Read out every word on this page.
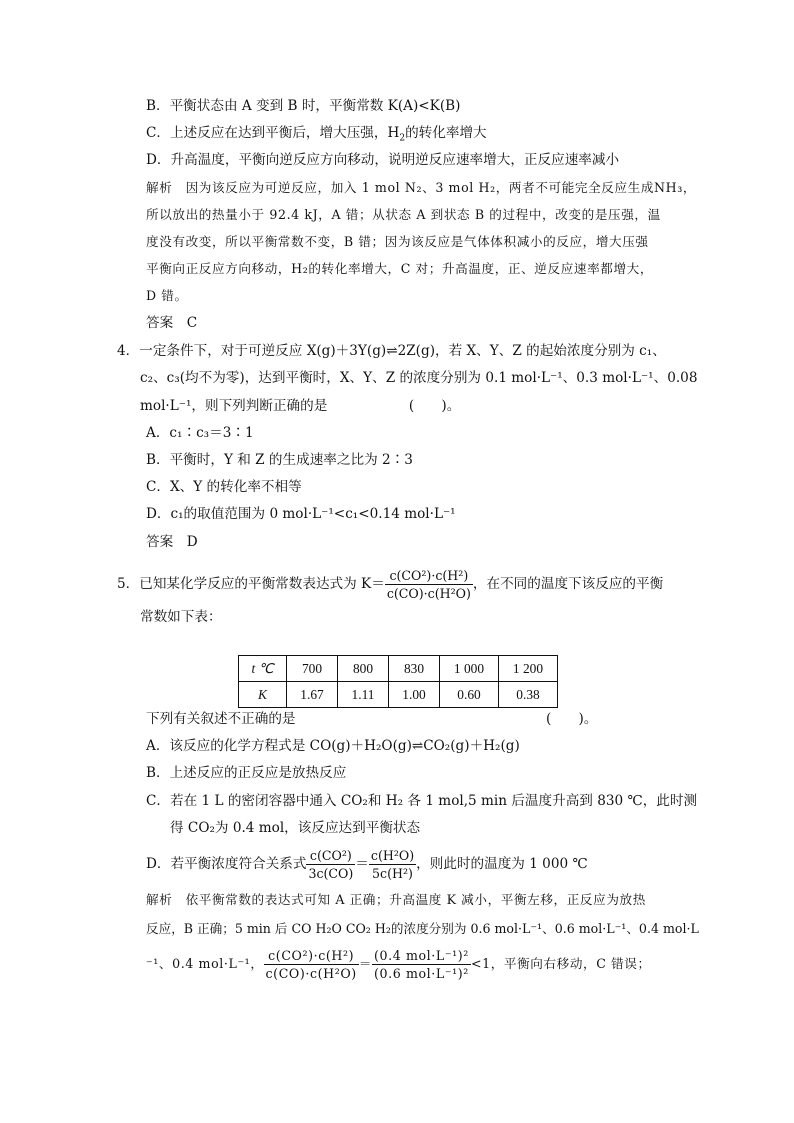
B．平衡状态由 A 变到 B 时，平衡常数 K(A)<K(B)
C．上述反应在达到平衡后，增大压强，$H_2$的转化率增大
D．升高温度，平衡向逆反应方向移动，说明逆反应速率增大，正反应速率减小
解析　因为该反应为可逆反应，加入 1 mol N₂、3 mol H₂，两者不可能完全反应生成NH₃，
所以放出的热量小于 92.4 kJ，A 错；从状态 A 到状态 B 的过程中，改变的是压强，温
度没有改变，所以平衡常数不变，B 错；因为该反应是气体体积减小的反应，增大压强
平衡向正反应方向移动，H₂的转化率增大，C 对；升高温度，正、逆反应速率都增大，
D 错。
答案　C
4．一定条件下，对于可逆反应 X(g)＋3Y(g)⇌2Z(g)，若 X、Y、Z 的起始浓度分别为 c₁、
c₂、c₃(均不为零)，达到平衡时，X、Y、Z 的浓度分别为 0.1 mol·L⁻¹、0.3 mol·L⁻¹、0.08
mol·L⁻¹，则下列判断正确的是　　　　　　(　　)。
A．c₁∶c₃＝3∶1
B．平衡时，Y 和 Z 的生成速率之比为 2∶3
C．X、Y 的转化率不相等
D．c₁的取值范围为 0 mol·L⁻¹<c₁<0.14 mol·L⁻¹
答案　D
5．已知某化学反应的平衡常数表达式为 $K= \frac{\text{c(CO²)·c(H²)}}{\text{c(CO)·c(H²O)}}$ ，在不同的温度下该反应的平衡
常数如下表：
t ℃	700	800	830	1 000	1 200
K	1.67	1.11	1.00	0.60	0.38
下列有关叙述不正确的是	(　　)。
A．该反应的化学方程式是 CO(g)＋H₂O(g)⇌CO₂(g)＋H₂(g)
B．上述反应的正反应是放热反应
C．若在 1 L 的密闭容器中通入 CO₂和 H₂ 各 1 mol,5 min 后温度升高到 830 ℃，此时测
得 CO₂为 0.4 mol，该反应达到平衡状态
D．若平衡浓度符合关系式 $\frac{\text{c(CO²)}}{3c(CO)} = \frac{\text{c(H²O)}}{\text{5c(H²)}}$ ，则此时的温度为 1 000 ℃
解析　依平衡常数的表达式可知 A 正确；升高温度 K 减小，平衡左移，正反应为放热
反应，B 正确；5 min 后 CO H₂O CO₂ H₂的浓度分别为 0.6 mol·L⁻¹、0.6 mol·L⁻¹、0.4 mol·L
⁻¹、0.4 mol·L⁻¹， $\frac{\text{c(CO²)·c(H²)}}{\text{c(CO)·c(H²O)}} = \frac{\text{(0.4 mol·L⁻¹)²}}{\text{(0.6 mol·L⁻¹)²}} <1$，平衡向右移动，C 错误；
